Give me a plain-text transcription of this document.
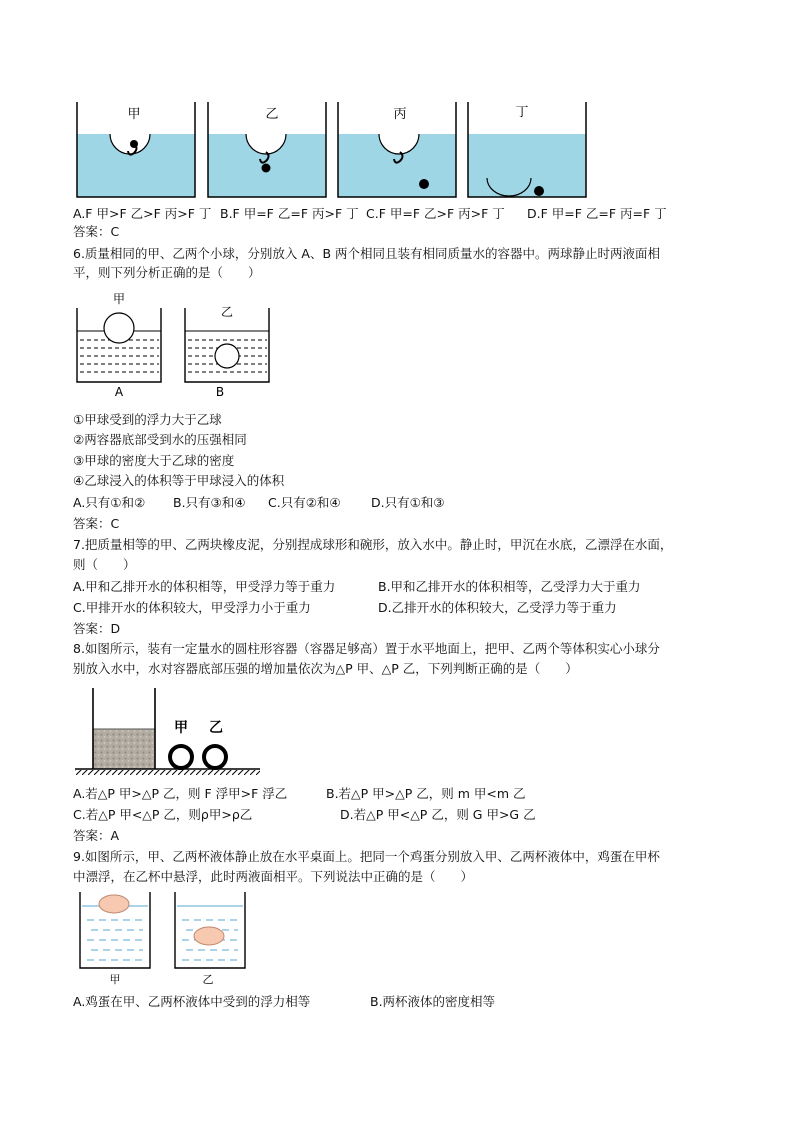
甲	乙	丙	丁
A.F 甲>F 乙>F 丙>F 丁 B.F 甲=F 乙=F 丙>F 丁 C.F 甲=F 乙>F 丙>F 丁 D.F 甲=F 乙=F 丙=F 丁
答案：C
6.质量相同的甲、乙两个小球，分别放入 A、B 两个相同且装有相同质量水的容器中。两球静止时两液面相
平，则下列分析正确的是（　　）
甲
A
乙
B
①甲球受到的浮力大于乙球
②两容器底部受到水的压强相同
③甲球的密度大于乙球的密度
④乙球浸入的体积等于甲球浸入的体积
A.只有①和② B.只有③和④ C.只有②和④ D.只有①和③
答案：C
7.把质量相等的甲、乙两块橡皮泥，分别捏成球形和碗形，放入水中。静止时，甲沉在水底，乙漂浮在水面，
则（　　）
A.甲和乙排开水的体积相等，甲受浮力等于重力	B.甲和乙排开水的体积相等，乙受浮力大于重力
C.甲排开水的体积较大，甲受浮力小于重力	D.乙排开水的体积较大，乙受浮力等于重力
答案：D
8.如图所示，装有一定量水的圆柱形容器（容器足够高）置于水平地面上，把甲、乙两个等体积实心小球分
别放入水中，水对容器底部压强的增加量依次为△P 甲、△P 乙，下列判断正确的是（　　）
甲 乙
A.若△P 甲>△P 乙，则 F 浮甲>F 浮乙	B.若△P 甲>△P 乙，则 m 甲<m 乙
C.若△P 甲<△P 乙，则ρ甲>ρ乙	D.若△P 甲<△P 乙，则 G 甲>G 乙
答案：A
9.如图所示，甲、乙两杯液体静止放在水平桌面上。把同一个鸡蛋分别放入甲、乙两杯液体中，鸡蛋在甲杯
中漂浮，在乙杯中悬浮，此时两液面相平。下列说法中正确的是（　　）
甲	乙
A.鸡蛋在甲、乙两杯液体中受到的浮力相等	B.两杯液体的密度相等
